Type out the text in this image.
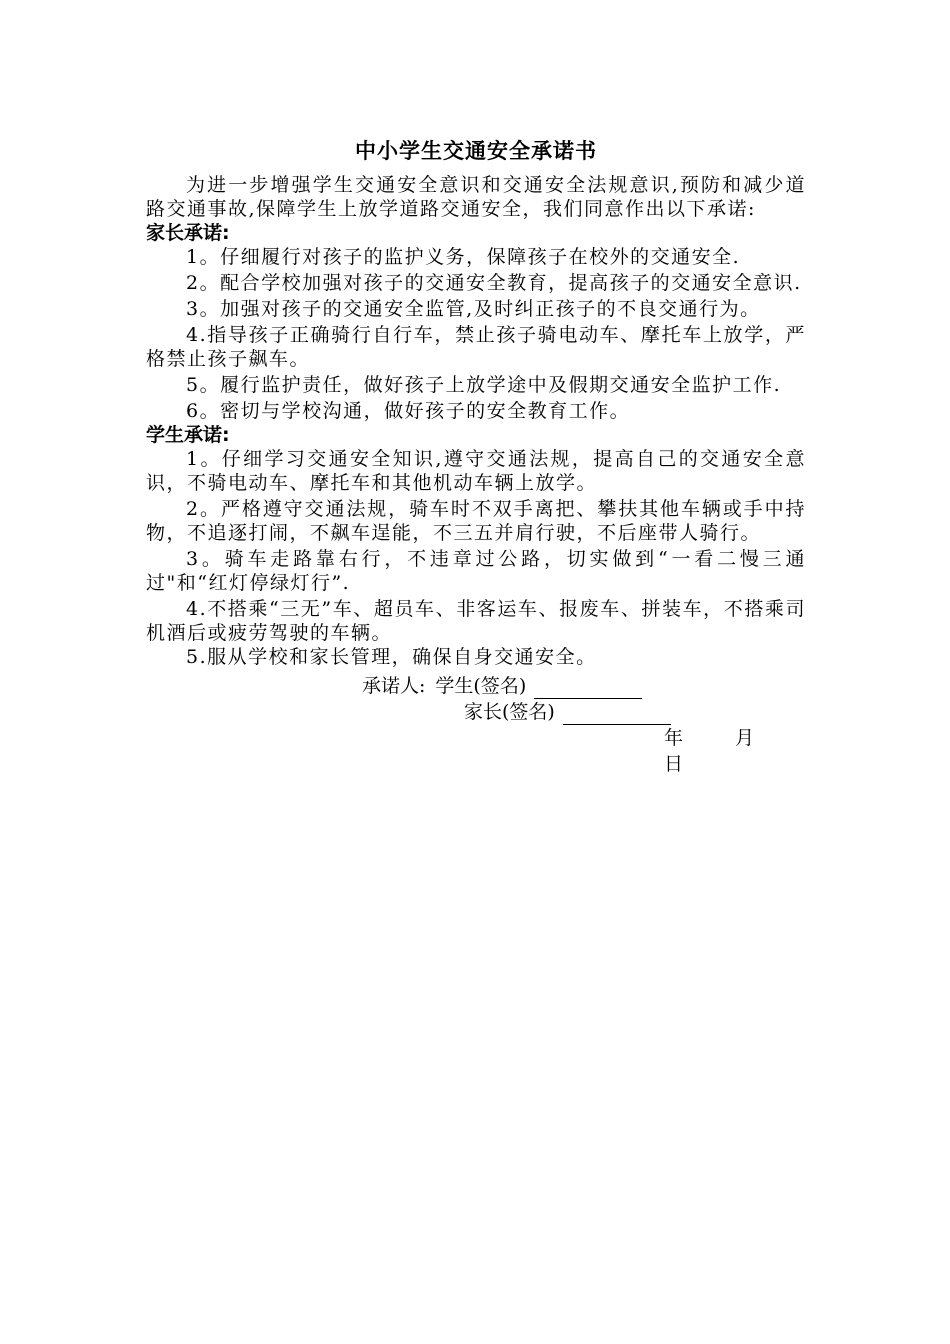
中小学生交通安全承诺书

为进一步增强学生交通安全意识和交通安全法规意识,预防和减少道路交通事故,保障学生上放学道路交通安全，我们同意作出以下承诺:

家长承诺:

1。仔细履行对孩子的监护义务，保障孩子在校外的交通安全.

2。配合学校加强对孩子的交通安全教育，提高孩子的交通安全意识.

3。加强对孩子的交通安全监管,及时纠正孩子的不良交通行为。

4.指导孩子正确骑行自行车，禁止孩子骑电动车、摩托车上放学，严格禁止孩子飙车。

5。履行监护责任，做好孩子上放学途中及假期交通安全监护工作.

6。密切与学校沟通，做好孩子的安全教育工作。

学生承诺:

1。仔细学习交通安全知识,遵守交通法规，提高自己的交通安全意识，不骑电动车、摩托车和其他机动车辆上放学。

2。严格遵守交通法规，骑车时不双手离把、攀扶其他车辆或手中持物，不追逐打闹，不飙车逞能，不三五并肩行驶，不后座带人骑行。

3。骑车走路靠右行，不违章过公路，切实做到“一看二慢三通过"和“红灯停绿灯行”.

4.不搭乘“三无”车、超员车、非客运车、报废车、拼装车，不搭乘司机酒后或疲劳驾驶的车辆。

5.服从学校和家长管理，确保自身交通安全。

承诺人: 学生(签名)
家长(签名)
年	月  日
